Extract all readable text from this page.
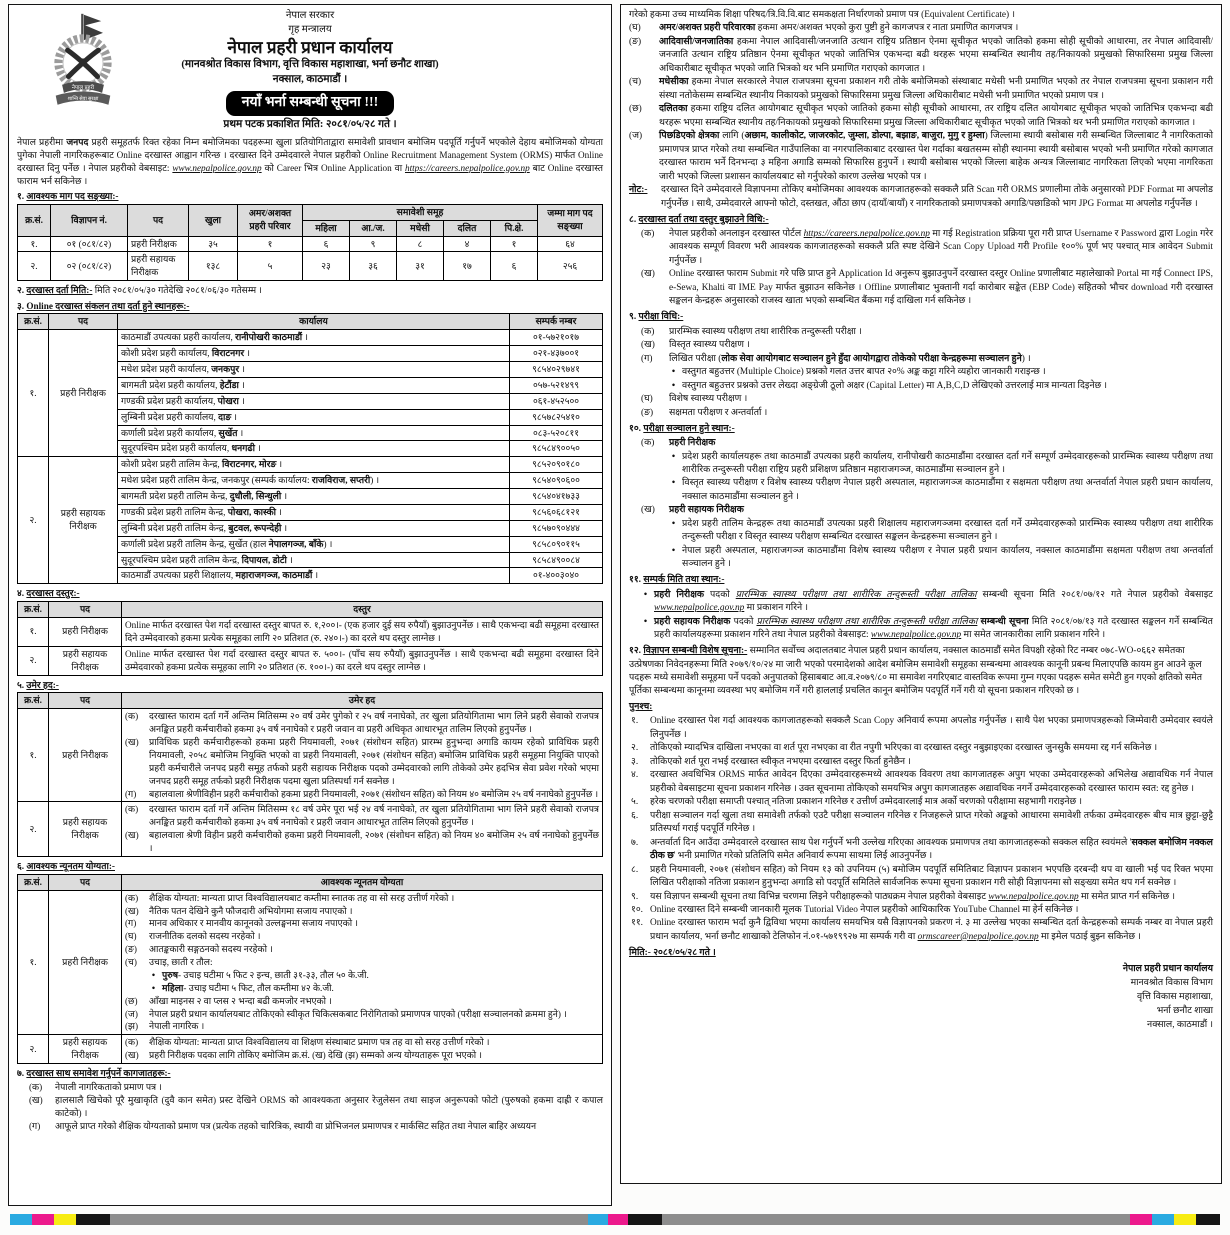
नेपाल प्रहरी
शान्ति सेवा सुरक्षा
नेपाल सरकार
गृह मन्त्रालय
नेपाल प्रहरी प्रधान कार्यालय
(मानवश्रोत विकास विभाग, वृत्ति विकास महाशाखा, भर्ना छनौट शाखा)
नक्साल, काठमाडौं ।
नयाँ भर्ना सम्बन्धी सूचना !!!
प्रथम पटक प्रकाशित मिति: २०८१/०५/२८ गते ।

नेपाल प्रहरीमा जनपद प्रहरी समूहतर्फ रिक्त रहेका निम्न बमोजिमका पदहरूमा खुला प्रतियोगिताद्वारा समावेशी प्रावधान बमोजिम पदपूर्ति गर्नुपर्ने भएकोले देहाय बमोजिमको योग्यता पुगेका नेपाली नागरिकहरूबाट Online दरखास्त आह्वान गरिन्छ । दरखास्त दिने उम्मेदवारले नेपाल प्रहरीको Online Recruitment Management System (ORMS) मार्फत Online दरखास्त दिनु पर्नेछ । नेपाल प्रहरीको वेबसाइट: www.nepalpolice.gov.np को Career भित्र Online Application वा https://careers.nepalpolice.gov.np बाट Online दरखास्त फाराम भर्न सकिनेछ ।

१. आवश्यक माग पद सङ्ख्या:-
क्र.सं.	विज्ञापन नं.	पद	खुला	अमर/अशक्त प्रहरी परिवार	समावेशी समूह					जम्मा माग पद सङ्ख्या
					महिला	आ./ज.	मधेसी	दलित	पि.क्षे.	
१.	०१ (०८१/८२)	प्रहरी निरीक्षक	३५	१	६	९	८	४	१	६४
२.	०२ (०८१/८२)	प्रहरी सहायक निरीक्षक	१३८	५	२३	३६	३१	१७	६	२५६
२. दरखास्त दर्ता मिति:- मिति २०८१/०५/३० गतेदेखि २०८१/०६/३० गतेसम्म ।
३. Online दरखास्त संकलन तथा दर्ता हुने स्थानहरू:-
क्र.सं.	पद	कार्यालय	सम्पर्क नम्बर
१.	प्रहरी निरीक्षक	काठमाडौं उपत्यका प्रहरी कार्यालय, रानीपोखरी काठमाडौं ।	०१-५७२१०१७
		कोशी प्रदेश प्रहरी कार्यालय, विराटनगर ।	०२१-४३७००१
		मधेश प्रदेश प्रहरी कार्यालय, जनकपुर ।	९८५४०२९७४१
		बागमती प्रदेश प्रहरी कार्यालय, हेटौंडा ।	०५७-५२१४९९
		गण्डकी प्रदेश प्रहरी कार्यालय, पोखरा ।	०६१-४५२५००
		लुम्बिनी प्रदेश प्रहरी कार्यालय, दाङ ।	९८५७८२५४१०
		कर्णाली प्रदेश प्रहरी कार्यालय, सुर्खेत ।	०८३-५२०८११
		सुदूरपश्चिम प्रदेश प्रहरी कार्यालय, धनगढी ।	९८५८४९००५०
२.	प्रहरी सहायक निरीक्षक	कोशी प्रदेश प्रहरी तालिम केन्द्र, विराटनगर, मोरङ ।	९८५२०९०१८०
		मधेश प्रदेश प्रहरी तालिम केन्द्र, जनकपुर (सम्पर्क कार्यालय: राजविराज, सप्तरी) ।	९८५४०९०६००
		बागमती प्रदेश प्रहरी तालिम केन्द्र, दुधौली, सिन्धुली ।	९८५४०४१७३३
		गण्डकी प्रदेश प्रहरी तालिम केन्द्र, पोखरा, कास्की ।	९८५६०६८१२१
		लुम्बिनी प्रदेश प्रहरी तालिम केन्द्र, बुटवल, रूपन्देही ।	९८५७०९०४४४
		कर्णाली प्रदेश प्रहरी तालिम केन्द्र, सुर्खेत (हाल नेपालगञ्ज, बाँके) ।	९८५८०९०११५
		सुदूरपश्चिम प्रदेश प्रहरी तालिम केन्द्र, दिपायल, डोटी ।	९८५८४९००८४
		काठमाडौं उपत्यका प्रहरी शिक्षालय, महाराजगञ्ज, काठमाडौं ।	०१-४००३०४०
४. दरखास्त दस्तुर:-
क्र.सं.	पद	दस्तुर
१.	प्रहरी निरीक्षक	Online मार्फत दरखास्त पेश गर्दा दरखास्त दस्तुर बापत रु. १,२००।- (एक हजार दुई सय रुपैयाँ) बुझाउनुपर्नेछ । साथै एकभन्दा बढी समूहमा दरखास्त दिने उम्मेदवारको हकमा प्रत्येक समूहका लागि २० प्रतिशत (रु. २४०।-) का दरले थप दस्तुर लाग्नेछ ।

२.	प्रहरी सहायक निरीक्षक	Online मार्फत दरखास्त पेश गर्दा दरखास्त दस्तुर बापत रु. ५००।- (पाँच सय रुपैयाँ) बुझाउनुपर्नेछ । साथै एकभन्दा बढी समूहमा दरखास्त दिने उम्मेदवारको हकमा प्रत्येक समूहका लागि २० प्रतिशत (रु. १००।-) का दरले थप दस्तुर लाग्नेछ ।
५. उमेर हद:-
क्र.सं.	पद	उमेर हद
१.	प्रहरी निरीक्षक	
(क)	दरखास्त फाराम दर्ता गर्ने अन्तिम मितिसम्म २० वर्ष उमेर पुगेको र २५ वर्ष ननाघेको, तर खुला प्रतियोगितामा भाग लिने प्रहरी सेवाको राजपत्र अनङ्कित प्रहरी कर्मचारीको हकमा ३५ वर्ष ननाघेको र प्रहरी जवान वा प्रहरी अधिकृत आधारभूत तालिम लिएको हुनुपर्नेछ ।
(ख)	प्राविधिक प्रहरी कर्मचारीहरूको हकमा प्रहरी नियमावली, २०७१ (संशोधन सहित) प्रारम्भ हुनुभन्दा अगाडि कायम रहेको प्राविधिक प्रहरी नियमावली, २०५८ बमोजिम नियुक्ति भएको वा प्रहरी नियमावली, २०७१ (संशोधन सहित) बमोजिम प्राविधिक प्रहरी समूहमा नियुक्ति पाएको प्रहरी कर्मचारीले जनपद प्रहरी समूह तर्फको प्रहरी सहायक निरीक्षक पदको उम्मेदवारको लागि तोकेको उमेर हदभित्र सेवा प्रवेश गरेको भएमा जनपद प्रहरी समूह तर्फको प्रहरी निरीक्षक पदमा खुला प्रतिस्पर्धा गर्न सक्नेछ ।
(ग)	बहालवाला श्रेणीविहीन प्रहरी कर्मचारीको हकमा प्रहरी नियमावली, २०७१ (संशोधन सहित) को नियम ४० बमोजिम २५ वर्ष ननाघेको हुनुपर्नेछ ।

२.	प्रहरी सहायक निरीक्षक	(क) दरखास्त फाराम दर्ता गर्ने अन्तिम मितिसम्म १८ वर्ष उमेर पूरा भई २४ वर्ष ननाघेको, तर खुला प्रतियोगितामा भाग लिने प्रहरी सेवाको राजपत्र अनङ्कित प्रहरी कर्मचारीको हकमा ३५ वर्ष ननाघेको र प्रहरी जवान आधारभूत तालिम लिएको हुनुपर्नेछ ।
(ख) बहालवाला श्रेणी विहीन प्रहरी कर्मचारीको हकमा प्रहरी नियमावली, २०७१ (संशोधन सहित) को नियम ४० बमोजिम २५ वर्ष ननाघेको हुनुपर्नेछ ।
६. आवश्यक न्यूनतम योग्यता:-
क्र.सं.	पद	आवश्यक न्यूनतम योग्यता
१.	प्रहरी निरीक्षक	
(क)	शैक्षिक योग्यता: मान्यता प्राप्त विश्वविद्यालयबाट कम्तीमा स्नातक तह वा सो सरह उत्तीर्ण गरेको ।
(ख)	नैतिक पतन देखिने कुनै फौजदारी अभियोगमा सजाय नपाएको ।
(ग)	मानव अधिकार र मानवीय कानूनको उल्लङ्घनमा सजाय नपाएको ।
(घ)	राजनीतिक दलको सदस्य नरहेको ।
(ङ)	आतङ्ककारी सङ्गठनको सदस्य नरहेको ।
(च)	उचाइ, छाती र तौल:
• पुरुष- उचाइ घटीमा ५ फिट २ इन्च, छाती ३१-३३, तौल ५० के.जी.
• महिला- उचाइ घटीमा ५ फिट, तौल कम्तीमा ४२ के.जी.
(छ)	आँखा माइनस २ वा प्लस २ भन्दा बढी कमजोर नभएको ।
(ज)	नेपाल प्रहरी प्रधान कार्यालयबाट तोकिएको स्वीकृत चिकित्सकबाट निरोगिताको प्रमाणपत्र पाएको (परीक्षा सञ्चालनको क्रममा हुने) ।
(झ)	नेपाली नागरिक ।

२.	प्रहरी सहायक निरीक्षक	(क) शैक्षिक योग्यता: मान्यता प्राप्त विश्वविद्यालय वा शिक्षण संस्थाबाट प्रमाण पत्र तह वा सो सरह उत्तीर्ण गरेको ।
(ख) प्रहरी निरीक्षक पदका लागि तोकिए बमोजिम क्र.सं. (ख) देखि (झ) सम्मको अन्य योग्यताहरू पूरा भएको ।
७. दरखास्त साथ समावेश गर्नुपर्ने कागजातहरू:-
(क)	नेपाली नागरिकताको प्रमाण पत्र ।
(ख)	हालसालै खिचेको पूरै मुखाकृति (दुवै कान समेत) प्रस्ट देखिने ORMS को आवश्यकता अनुसार रेजुलेसन तथा साइज अनुरूपको फोटो (पुरुषको हकमा दाह्री र कपाल काटेको) ।
(ग)	आफूले प्राप्त गरेको शैक्षिक योग्यताको प्रमाण पत्र (प्रत्येक तहको चारित्रिक, स्थायी वा प्रोभिजनल प्रमाणपत्र र मार्कसिट सहित तथा नेपाल बाहिर अध्ययन

गरेको हकमा उच्च माध्यमिक शिक्षा परिषद/त्रि.वि.वि.बाट समकक्षता निर्धारणको प्रमाण पत्र (Equivalent Certificate) ।

(घ)	अमर/अशक्त प्रहरी परिवारका हकमा अमर/अशक्त भएको कुरा पुष्टी हुने कागजपत्र र नाता प्रमाणित कागजपत्र ।
(ङ)	आदिवासी/जनजातिका हकमा नेपाल आदिवासी/जनजाति उत्थान राष्ट्रिय प्रतिष्ठान ऐनमा सूचीकृत भएको जातिको हकमा सोही सूचीको आधारमा, तर नेपाल आदिवासी/जनजाति उत्थान राष्ट्रिय प्रतिष्ठान ऐनमा सूचीकृत भएको जातिभित्र एकभन्दा बढी थरहरू भएमा सम्बन्धित स्थानीय तह/निकायको प्रमुखको सिफारिसमा प्रमुख जिल्ला अधिकारीबाट सूचीकृत भएको जाति भित्रको थर भनि प्रमाणित गराएको कागजात ।
(च)	मधेसीका हकमा नेपाल सरकारले नेपाल राजपत्रमा सूचना प्रकाशन गरी तोके बमोजिमको संस्थाबाट मधेसी भनी प्रमाणित भएको तर नेपाल राजपत्रमा सूचना प्रकाशन गरी संस्था नतोकेसम्म सम्बन्धित स्थानीय निकायको प्रमुखको सिफारिसमा प्रमुख जिल्ला अधिकारीबाट मधेसी भनी प्रमाणित भएको प्रमाण पत्र ।
(छ)	दलितका हकमा राष्ट्रिय दलित आयोगबाट सूचीकृत भएको जातिको हकमा सोही सूचीको आधारमा, तर राष्ट्रिय दलित आयोगबाट सूचीकृत भएको जातिभित्र एकभन्दा बढी थरहरू भएमा सम्बन्धित स्थानीय तह/निकायको प्रमुखको सिफारिसमा प्रमुख जिल्ला अधिकारीबाट सूचीकृत भएको जाति भित्रको थर भनी प्रमाणित गराएको कागजात ।
(ज)	पिछडिएको क्षेत्रका लागि (अछाम, कालीकोट, जाजरकोट, जुम्ला, डोल्पा, बझाङ, बाजुरा, मुगु र हुम्ला) जिल्लामा स्थायी बसोबास गरी सम्बन्धित जिल्लाबाट नै नागरिकताको प्रमाणपत्र प्राप्त गरेको तथा सम्बन्धित गाउँपालिका वा नगरपालिकाबाट दरखास्त पेश गर्दाका बखतसम्म सोही स्थानमा स्थायी बसोबास भएको भनी प्रमाणित गरेको कागजात दरखास्त फाराम भर्ने दिनभन्दा ३ महिना अगाडि सम्मको सिफारिस हुनुपर्ने । स्थायी बसोबास भएको जिल्ला बाहेक अन्यत्र जिल्लाबाट नागरिकता लिएको भएमा नागरिकता जारी भएको जिल्ला प्रशासन कार्यालयबाट सो गर्नुपरेको कारण उल्लेख भएको पत्र ।
नोट:-	दरखास्त दिने उम्मेदवारले विज्ञापनमा तोकिए बमोजिमका आवश्यक कागजातहरूको सक्कलै प्रति Scan गरी ORMS प्रणालीमा तोके अनुसारको PDF Format मा अपलोड गर्नुपर्नेछ । साथै, उम्मेदवारले आफ्नो फोटो, दस्तखत, औंठा छाप (दायाँ/बायाँ) र नागरिकताको प्रमाणपत्रको अगाडि/पछाडिको भाग JPG Format मा अपलोड गर्नुपर्नेछ ।
८. दरखास्त दर्ता तथा दस्तुर बुझाउने विधि:-
(क)	नेपाल प्रहरीको अनलाइन दरखास्त पोर्टल https://careers.nepalpolice.gov.np मा गई Registration प्रक्रिया पूरा गरी प्राप्त Username र Password द्वारा Login गरेर आवश्यक सम्पूर्ण विवरण भरी आवश्यक कागजातहरूको सक्कलै प्रति स्पष्ट देखिने Scan Copy Upload गरी Profile १००% पूर्ण भए पश्चात् मात्र आवेदन Submit गर्नुपर्नेछ ।
(ख)	Online दरखास्त फाराम Submit गरे पछि प्राप्त हुने Application Id अनुरूप बुझाउनुपर्ने दरखास्त दस्तुर Online प्रणालीबाट महालेखाको Portal मा गई Connect IPS, e-Sewa, Khalti वा IME Pay मार्फत बुझाउन सकिनेछ । Offline प्रणालीबाट भुक्तानी गर्दा कारोबार सङ्केत (EBP Code) सहितको भौचर download गरी दरखास्त सङ्कलन केन्द्रहरू अनुसारको राजस्व खाता भएको सम्बन्धित बैंकमा गई दाखिला गर्न सकिनेछ ।
९. परीक्षा विधि:-
(क)	प्रारम्भिक स्वास्थ्य परीक्षण तथा शारीरिक तन्दुरूस्ती परीक्षा ।
(ख)	विस्तृत स्वास्थ्य परीक्षण ।
(ग)	लिखित परीक्षा (लोक सेवा आयोगबाट सञ्चालन हुने हुँदा आयोगद्वारा तोकेको परीक्षा केन्द्रहरूमा सञ्चालन हुने) ।
• वस्तुगत बहुउत्तर (Multiple Choice) प्रश्नको गलत उत्तर बापत २०% अङ्क कट्टा गरिने व्यहोरा जानकारी गराइन्छ ।
• वस्तुगत बहुउत्तर प्रश्नको उत्तर लेख्दा अङ्ग्रेजी ठूलो अक्षर (Capital Letter) मा A,B,C,D लेखिएको उत्तरलाई मात्र मान्यता दिइनेछ ।
(घ)	विशेष स्वास्थ्य परीक्षण ।
(ङ)	सक्षमता परीक्षण र अन्तर्वार्ता ।
१०. परीक्षा सञ्चालन हुने स्थान:-
(क)	प्रहरी निरीक्षक
• प्रदेश प्रहरी कार्यालयहरू तथा काठमाडौं उपत्यका प्रहरी कार्यालय, रानीपोखरी काठमाडौंमा दरखास्त दर्ता गर्ने सम्पूर्ण उम्मेदवारहरूको प्रारम्भिक स्वास्थ्य परीक्षण तथा शारीरिक तन्दुरूस्ती परीक्षा राष्ट्रिय प्रहरी प्रशिक्षण प्रतिष्ठान महाराजगञ्ज, काठमाडौंमा सञ्चालन हुने ।
• विस्तृत स्वास्थ्य परीक्षण र विशेष स्वास्थ्य परीक्षण नेपाल प्रहरी अस्पताल, महाराजगञ्ज काठमाडौंमा र सक्षमता परीक्षण तथा अन्तर्वार्ता नेपाल प्रहरी प्रधान कार्यालय, नक्साल काठमाडौंमा सञ्चालन हुने ।
(ख)	प्रहरी सहायक निरीक्षक
• प्रदेश प्रहरी तालिम केन्द्रहरू तथा काठमाडौं उपत्यका प्रहरी शिक्षालय महाराजगञ्जमा दरखास्त दर्ता गर्ने उम्मेदवारहरूको प्रारम्भिक स्वास्थ्य परीक्षण तथा शारीरिक तन्दुरूस्ती परीक्षा र विस्तृत स्वास्थ्य परीक्षण सम्बन्धित दरखास्त सङ्कलन केन्द्रहरूमा सञ्चालन हुने ।
• नेपाल प्रहरी अस्पताल, महाराजगञ्ज काठमाडौंमा विशेष स्वास्थ्य परीक्षण र नेपाल प्रहरी प्रधान कार्यालय, नक्साल काठमाडौंमा सक्षमता परीक्षण तथा अन्तर्वार्ता सञ्चालन हुने ।
११. सम्पर्क मिति तथा स्थान:-
• प्रहरी निरीक्षक पदको प्रारम्भिक स्वास्थ्य परीक्षण तथा शारीरिक तन्दुरूस्ती परीक्षा तालिका सम्बन्धी सूचना मिति २०८१/०७/१२ गते नेपाल प्रहरीको वेबसाइट www.nepalpolice.gov.np मा प्रकाशन गरिने ।
• प्रहरी सहायक निरीक्षक पदको प्रारम्भिक स्वास्थ्य परीक्षण तथा शारीरिक तन्दुरूस्ती परीक्षा तालिका सम्बन्धी सूचना मिति २०८१/०७/१३ गते दरखास्त सङ्कलन गर्ने सम्बन्धित प्रहरी कार्यालयहरूमा प्रकाशन गरिने तथा नेपाल प्रहरीको वेबसाइट: www.nepalpolice.gov.np मा समेत जानकारीका लागि प्रकाशन गरिने ।
१२. विज्ञापन सम्बन्धी विशेष सूचना:- सम्मानित सर्वोच्च अदालतबाट नेपाल प्रहरी प्रधान कार्यालय, नक्साल काठमाडौं समेत विपक्षी रहेको रिट नम्बर ०७८-WO-०६६२ समेतका उत्प्रेषणका निवेदनहरूमा मिति २०७९/१०/२४ मा जारी भएको परमादेशको आदेश बमोजिम समावेशी समूहका सम्बन्धमा आवश्यक कानूनी प्रबन्ध मिलाएपछि कायम हुन आउने कूल पदहरू मध्ये समावेशी समूहमा पर्ने पदको अनुपातको हिसाबबाट आ.व.२०७९/८० मा समावेश नगरिएबाट वास्तविक रूपमा गुम्न गएका पदहरू समेत समेटी हुन गएको क्षतिको समेत पूर्तिका सम्बन्धमा कानूनमा व्यवस्था भए बमोजिम गर्ने गरी हाललाई प्रचलित कानून बमोजिम पदपूर्ति गर्ने गरी यो सूचना प्रकाशन गरिएको छ ।
पुनश्च:
१.	Online दरखास्त पेश गर्दा आवश्यक कागजातहरूको सक्कलै Scan Copy अनिवार्य रूपमा अपलोड गर्नुपर्नेछ । साथै पेश भएका प्रमाणपत्रहरूको जिम्मेवारी उम्मेदवार स्वयंले लिनुपर्नेछ ।
२.	तोकिएको म्यादभित्र दाखिला नभएका वा शर्त पूरा नभएका वा रीत नपुगी भरिएका वा दरखास्त दस्तुर नबुझाइएका दरखास्त जुनसुकै समयमा रद्द गर्न सकिनेछ ।
३.	तोकिएको शर्त पूरा नभई दरखास्त स्वीकृत नभएमा दरखास्त दस्तुर फिर्ता हुनेछैन ।
४.	दरखास्त अवधिभित्र ORMS मार्फत आवेदन दिएका उम्मेदवारहरूमध्ये आवश्यक विवरण तथा कागजातहरू अपुग भएका उम्मेदवारहरूको अभिलेख अद्यावधिक गर्न नेपाल प्रहरीको वेबसाइटमा सूचना प्रकाशन गरिनेछ । उक्त सूचनामा तोकिएको समयभित्र अपुग कागजातहरू अद्यावधिक नगर्ने उम्मेदवारहरूको दरखास्त फाराम स्वत: रद्द हुनेछ ।
५.	हरेक चरणको परीक्षा समाप्ती पश्चात् नतिजा प्रकाशन गरिनेछ र उत्तीर्ण उम्मेदवारलाई मात्र अर्को चरणको परीक्षामा सहभागी गराइनेछ ।
६.	परीक्षा सञ्चालन गर्दा खुला तथा समावेशी तर्फको एउटै परीक्षा सञ्चालन गरिनेछ र निजहरूले प्राप्त गरेको अङ्कको आधारमा समावेशी तर्फका उम्मेदवारहरू बीच मात्र छुट्टा-छुट्टै प्रतिस्पर्धा गराई पदपूर्ति गरिनेछ ।
७.	अन्तर्वार्ता दिन आउँदा उम्मेदवारले दरखास्त साथ पेश गर्नुपर्ने भनी उल्लेख गरिएका आवश्यक प्रमाणपत्र तथा कागजातहरूको सक्कल सहित स्वयंमले 'सक्कल बमोजिम नक्कल ठीक छ' भनी प्रमाणित गरेको प्रतिलिपि समेत अनिवार्य रूपमा साथमा लिई आउनुपर्नेछ ।
८.	प्रहरी नियमावली, २०७१ (संशोधन सहित) को नियम १३ को उपनियम (५) बमोजिम पदपूर्ति समितिबाट विज्ञापन प्रकाशन भएपछि दरबन्दी थप वा खाली भई पद रिक्त भएमा लिखित परीक्षाको नतिजा प्रकाशन हुनुभन्दा अगाडि सो पदपूर्ति समितिले सार्वजनिक रूपमा सूचना प्रकाशन गरी सोही विज्ञापनमा सो सङ्ख्या समेत थप गर्न सक्नेछ ।
९.	यस विज्ञापन सम्बन्धी सूचना तथा विभिन्न चरणमा लिइने परीक्षाहरूको पाठ्यक्रम नेपाल प्रहरीको वेबसाइट www.nepalpolice.gov.np मा समेत प्राप्त गर्न सकिनेछ ।
१०. Online दरखास्त दिने सम्बन्धी जानकारी मूलक Tutorial Video नेपाल प्रहरीको आधिकारिक YouTube Channel मा हेर्न सकिनेछ ।
११. Online दरखास्त फाराम भर्दा कुनै द्विविधा भएमा कार्यालय समयभित्र यसै विज्ञापनको प्रकरण नं. ३ मा उल्लेख भएका सम्बन्धित दर्ता केन्द्रहरूको सम्पर्क नम्बर वा नेपाल प्रहरी प्रधान कार्यालय, भर्ना छनौट शाखाको टेलिफोन नं.०१-५७१९९२७ मा सम्पर्क गरी वा ormscareer@nepalpolice.gov.np मा इमेल पठाई बुझ्न सकिनेछ ।
मिति:- २०८१/०५/२८ गते ।
नेपाल प्रहरी प्रधान कार्यालय
मानवश्रोत विकास विभाग
वृत्ति विकास महाशाखा,
भर्ना छनौट शाखा
नक्साल, काठमाडौं ।
